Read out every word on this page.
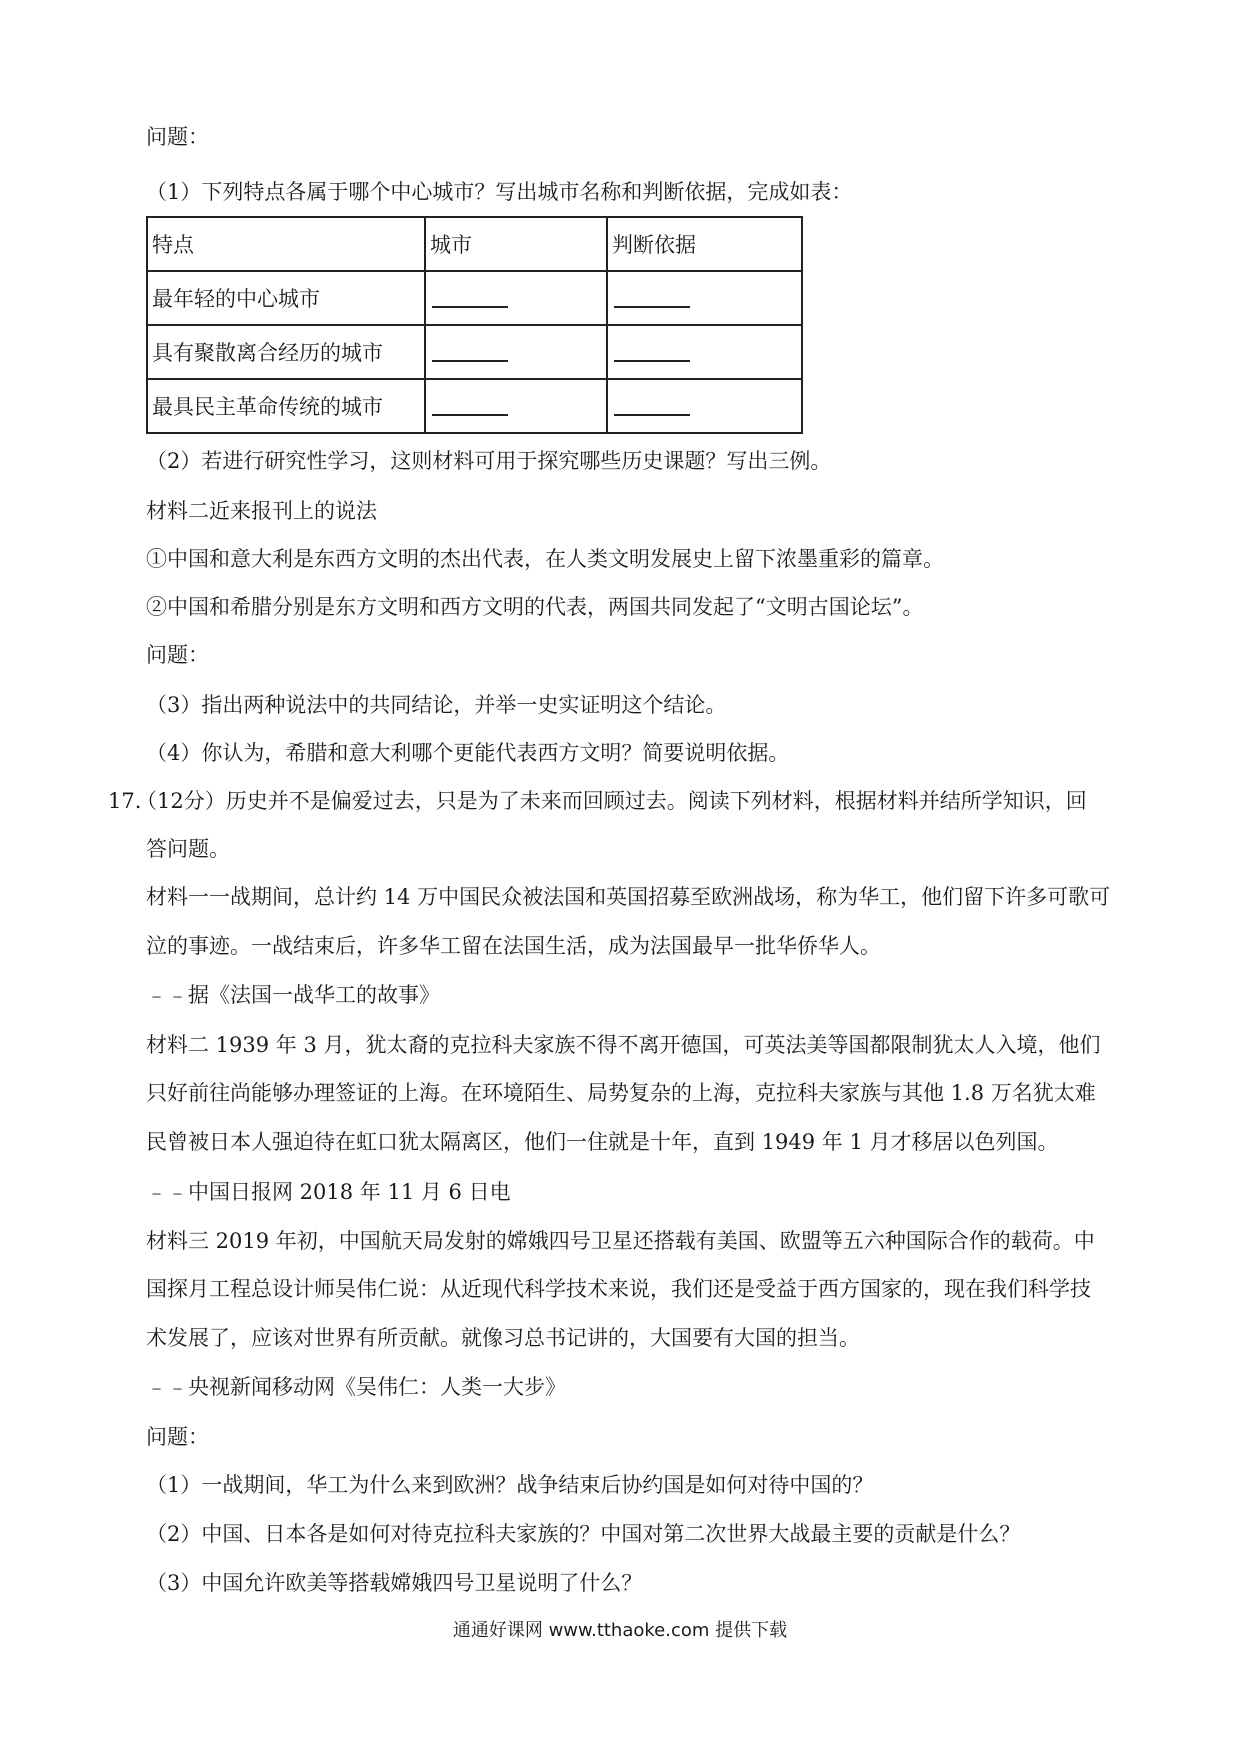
问题：
（1）下列特点各属于哪个中心城市？写出城市名称和判断依据，完成如表：
特点	城市	判断依据
最年轻的中心城市		
具有聚散离合经历的城市		
最具民主革命传统的城市		
（2）若进行研究性学习，这则材料可用于探究哪些历史课题？写出三例。
材料二近来报刊上的说法
①中国和意大利是东西方文明的杰出代表，在人类文明发展史上留下浓墨重彩的篇章。
②中国和希腊分别是东方文明和西方文明的代表，两国共同发起了“文明古国论坛”。
问题：
（3）指出两种说法中的共同结论，并举一史实证明这个结论。
（4）你认为，希腊和意大利哪个更能代表西方文明？简要说明依据。
17.
（12分）历史并不是偏爱过去，只是为了未来而回顾过去。阅读下列材料，根据材料并结所学知识，回
答问题。
材料一一战期间，总计约 14 万中国民众被法国和英国招募至欧洲战场，称为华工，他们留下许多可歌可
泣的事迹。一战结束后，许多华工留在法国生活，成为法国最早一批华侨华人。
﹣﹣据《法国一战华工的故事》
材料二 1939 年 3 月，犹太裔的克拉科夫家族不得不离开德国，可英法美等国都限制犹太人入境，他们
只好前往尚能够办理签证的上海。在环境陌生、局势复杂的上海，克拉科夫家族与其他 1.8 万名犹太难
民曾被日本人强迫待在虹口犹太隔离区，他们一住就是十年，直到 1949 年 1 月才移居以色列国。
﹣﹣中国日报网 2018 年 11 月 6 日电
材料三 2019 年初，中国航天局发射的嫦娥四号卫星还搭载有美国、欧盟等五六种国际合作的载荷。中
国探月工程总设计师吴伟仁说：从近现代科学技术来说，我们还是受益于西方国家的，现在我们科学技
术发展了，应该对世界有所贡献。就像习总书记讲的，大国要有大国的担当。
﹣﹣央视新闻移动网《吴伟仁：人类一大步》
问题：
（1）一战期间，华工为什么来到欧洲？战争结束后协约国是如何对待中国的？
（2）中国、日本各是如何对待克拉科夫家族的？中国对第二次世界大战最主要的贡献是什么？
（3）中国允许欧美等搭载嫦娥四号卫星说明了什么？
通通好课网 www.tthaoke.com 提供下载
